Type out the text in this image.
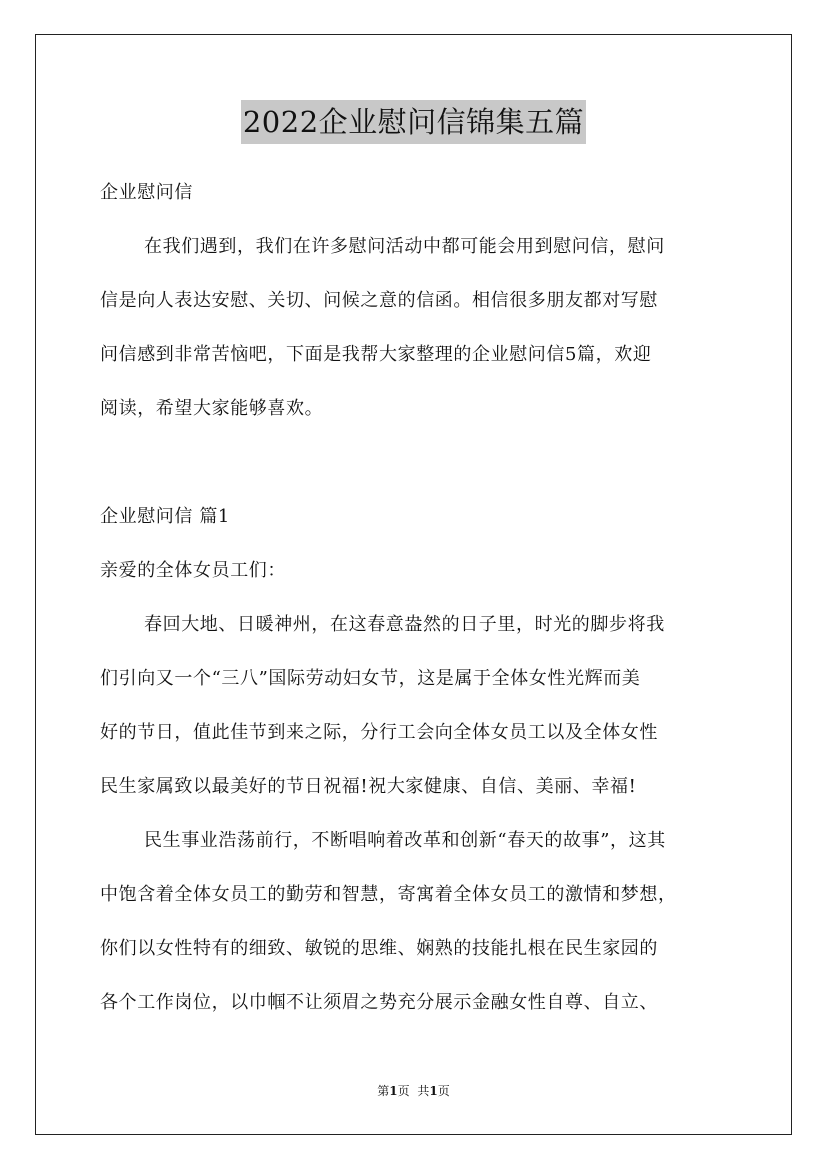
2022企业慰问信锦集五篇
企业慰问信
在我们遇到，我们在许多慰问活动中都可能会用到慰问信，慰问
信是向人表达安慰、关切、问候之意的信函。相信很多朋友都对写慰
问信感到非常苦恼吧，下面是我帮大家整理的企业慰问信5篇，欢迎
阅读，希望大家能够喜欢。
企业慰问信 篇1
亲爱的全体女员工们：
春回大地、日暖神州，在这春意盎然的日子里，时光的脚步将我
们引向又一个“三八”国际劳动妇女节，这是属于全体女性光辉而美
好的节日，值此佳节到来之际，分行工会向全体女员工以及全体女性
民生家属致以最美好的节日祝福!祝大家健康、自信、美丽、幸福!
民生事业浩荡前行，不断唱响着改革和创新“春天的故事”，这其
中饱含着全体女员工的勤劳和智慧，寄寓着全体女员工的激情和梦想，
你们以女性特有的细致、敏锐的思维、娴熟的技能扎根在民生家园的
各个工作岗位，以巾帼不让须眉之势充分展示金融女性自尊、自立、
第1页 共1页
